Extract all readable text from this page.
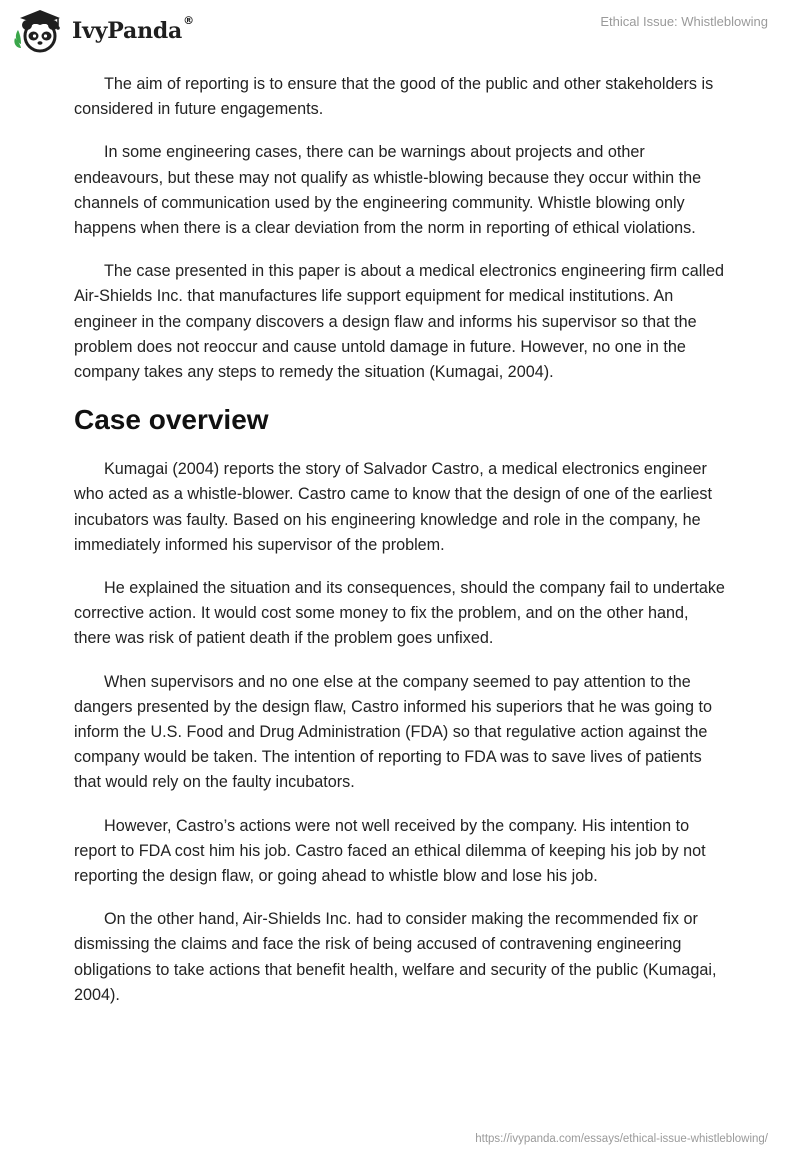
IvyPanda®	Ethical Issue: Whistleblowing

The aim of reporting is to ensure that the good of the public and other stakeholders is considered in future engagements.

In some engineering cases, there can be warnings about projects and other endeavours, but these may not qualify as whistle-blowing because they occur within the channels of communication used by the engineering community. Whistle blowing only happens when there is a clear deviation from the norm in reporting of ethical violations.

The case presented in this paper is about a medical electronics engineering firm called Air-Shields Inc. that manufactures life support equipment for medical institutions. An engineer in the company discovers a design flaw and informs his supervisor so that the problem does not reoccur and cause untold damage in future. However, no one in the company takes any steps to remedy the situation (Kumagai, 2004).

Case overview

Kumagai (2004) reports the story of Salvador Castro, a medical electronics engineer who acted as a whistle-blower. Castro came to know that the design of one of the earliest incubators was faulty. Based on his engineering knowledge and role in the company, he immediately informed his supervisor of the problem.

He explained the situation and its consequences, should the company fail to undertake corrective action. It would cost some money to fix the problem, and on the other hand, there was risk of patient death if the problem goes unfixed.

When supervisors and no one else at the company seemed to pay attention to the dangers presented by the design flaw, Castro informed his superiors that he was going to inform the U.S. Food and Drug Administration (FDA) so that regulative action against the company would be taken. The intention of reporting to FDA was to save lives of patients that would rely on the faulty incubators.

However, Castro’s actions were not well received by the company. His intention to report to FDA cost him his job. Castro faced an ethical dilemma of keeping his job by not reporting the design flaw, or going ahead to whistle blow and lose his job.

On the other hand, Air-Shields Inc. had to consider making the recommended fix or dismissing the claims and face the risk of being accused of contravening engineering obligations to take actions that benefit health, welfare and security of the public (Kumagai, 2004).

https://ivypanda.com/essays/ethical-issue-whistleblowing/
